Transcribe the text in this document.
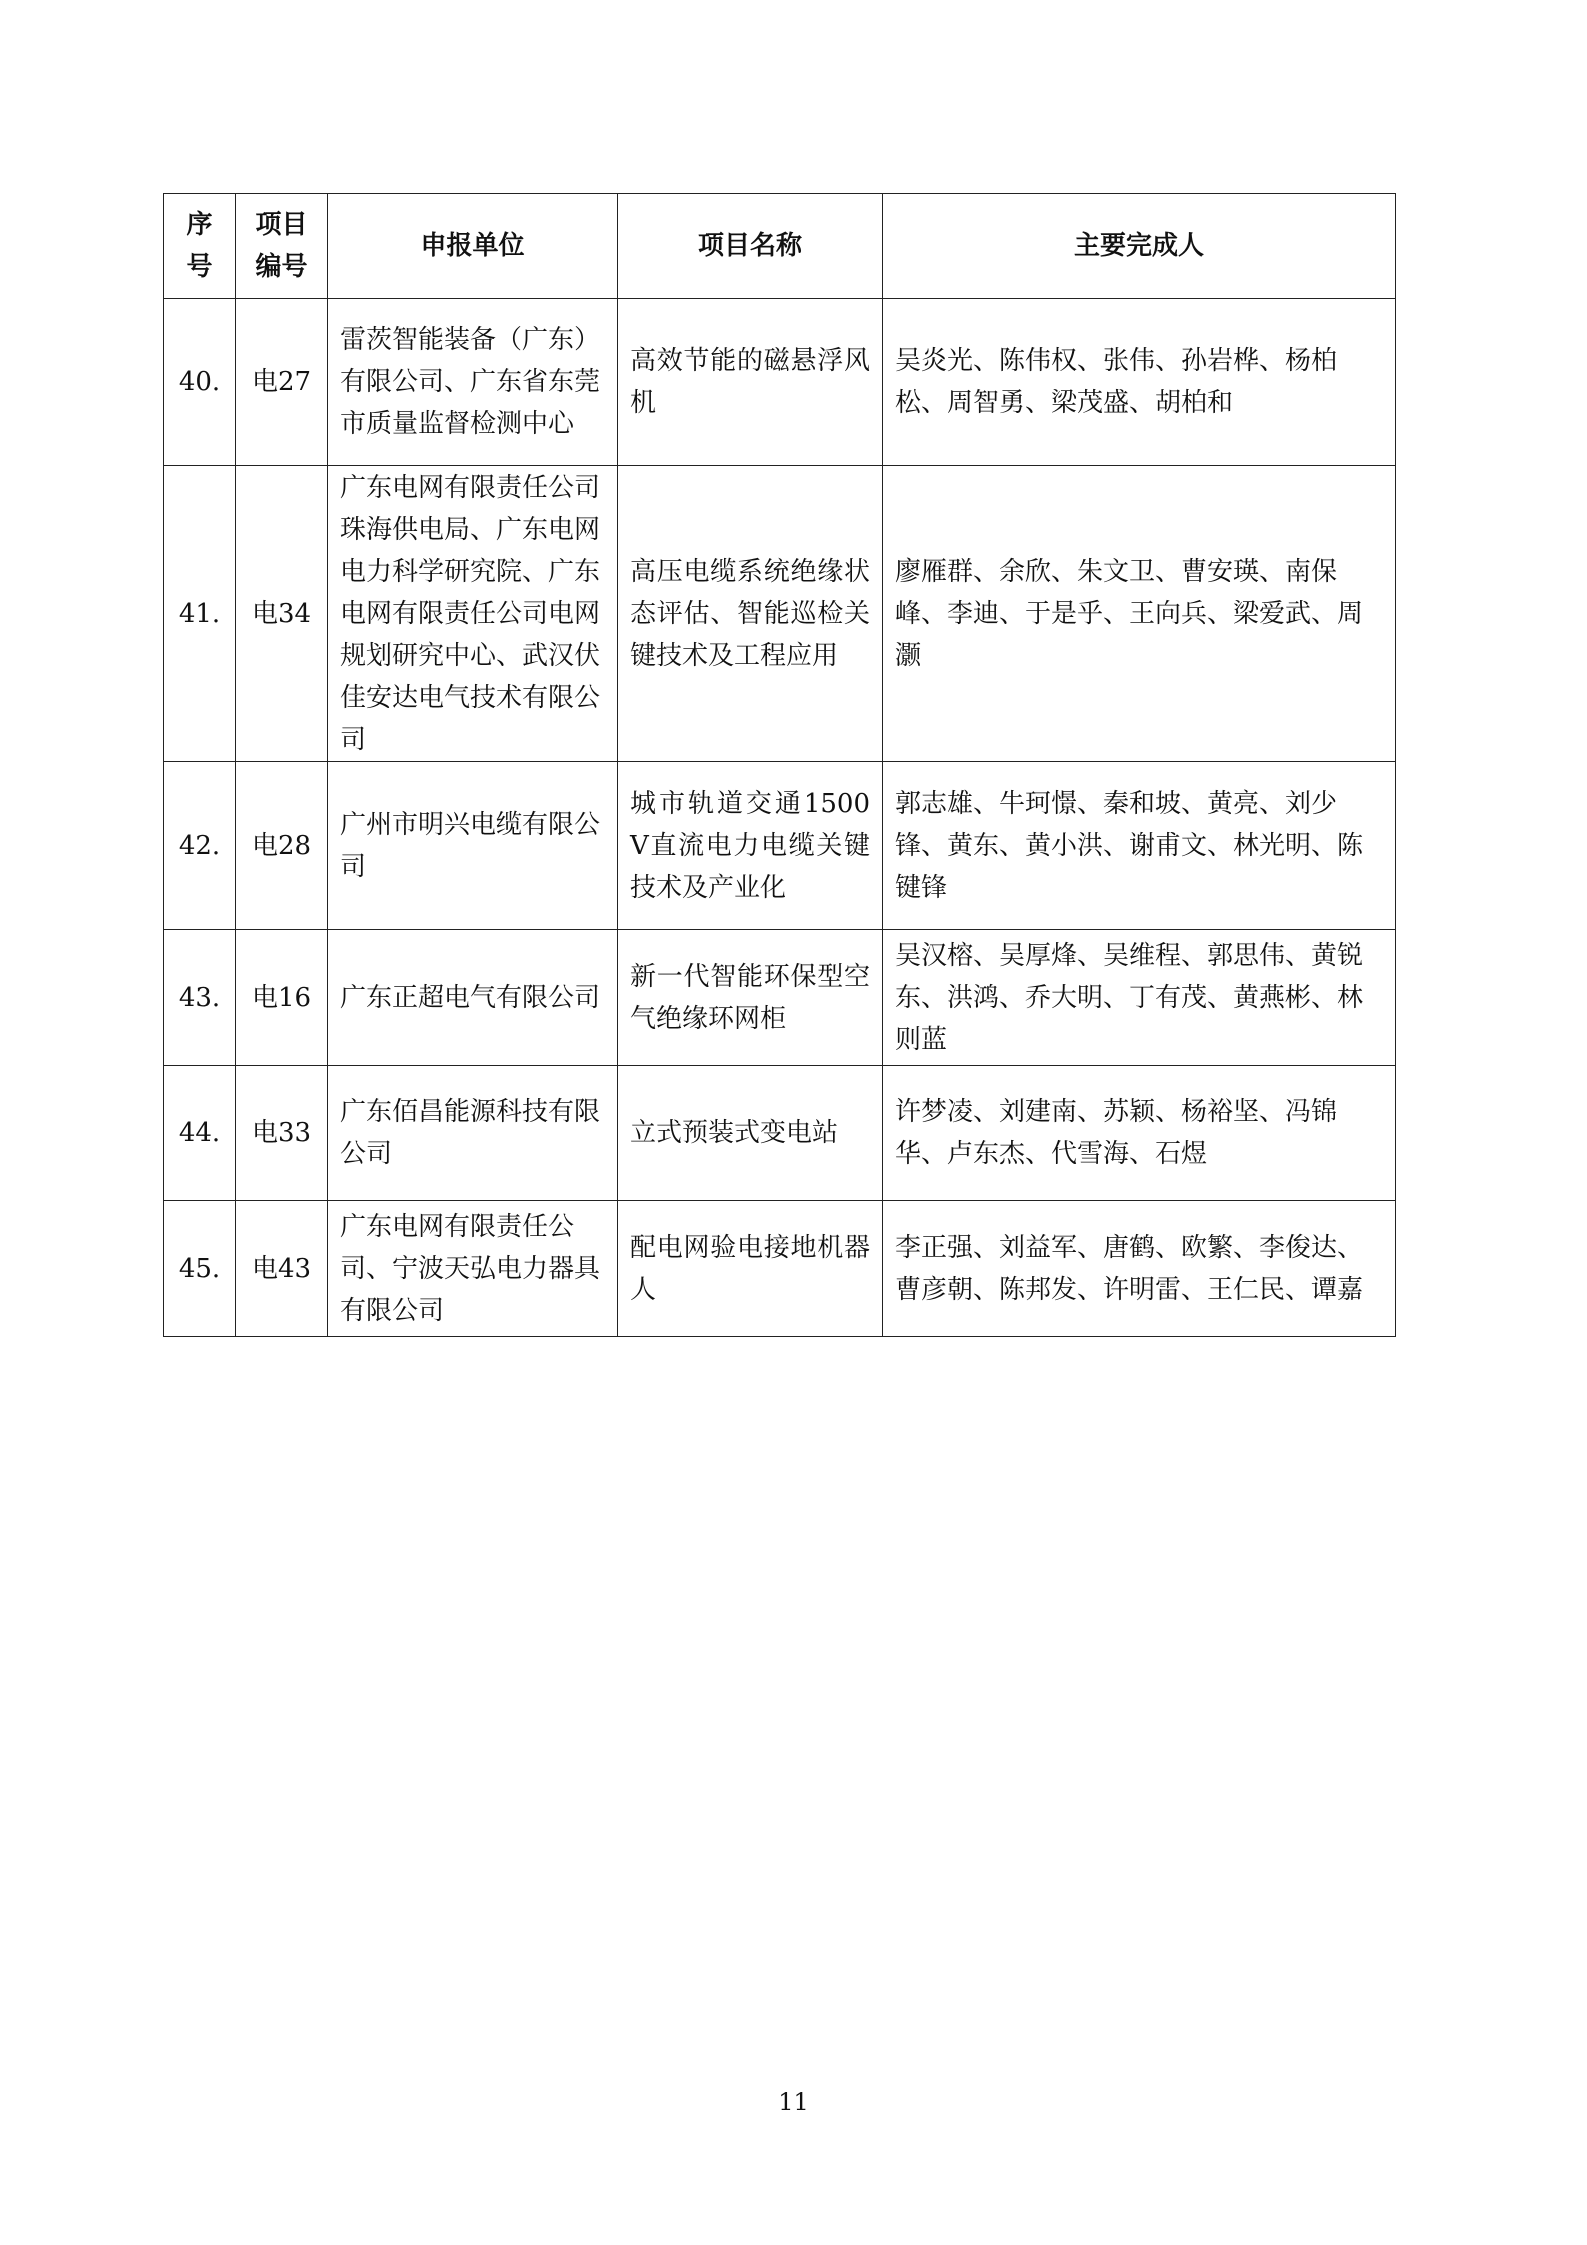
序号	项目编号	申报单位	项目名称	主要完成人
40.	电27	雷茨智能装备（广东）有限公司、广东省东莞市质量监督检测中心	高效节能的磁悬浮风机	吴炎光、陈伟权、张伟、孙岩桦、杨柏松、周智勇、梁茂盛、胡柏和
41.	电34	广东电网有限责任公司珠海供电局、广东电网电力科学研究院、广东电网有限责任公司电网规划研究中心、武汉伏佳安达电气技术有限公司	高压电缆系统绝缘状态评估、智能巡检关键技术及工程应用	廖雁群、余欣、朱文卫、曹安瑛、南保峰、李迪、于是乎、王向兵、梁爱武、周灏
42.	电28	广州市明兴电缆有限公司	城市轨道交通1500V直流电力电缆关键技术及产业化	郭志雄、牛珂憬、秦和坡、黄亮、刘少锋、黄东、黄小洪、谢甫文、林光明、陈键锋
43.	电16	广东正超电气有限公司	新一代智能环保型空气绝缘环网柜	吴汉榕、吴厚烽、吴维程、郭思伟、黄锐东、洪鸿、乔大明、丁有茂、黄燕彬、林则蓝
44.	电33	广东佰昌能源科技有限公司	立式预装式变电站	许梦凌、刘建南、苏颖、杨裕坚、冯锦华、卢东杰、代雪海、石煜
45.	电43	广东电网有限责任公司、宁波天弘电力器具有限公司	配电网验电接地机器人	李正强、刘益军、唐鹤、欧繁、李俊达、曹彦朝、陈邦发、许明雷、王仁民、谭嘉
11
